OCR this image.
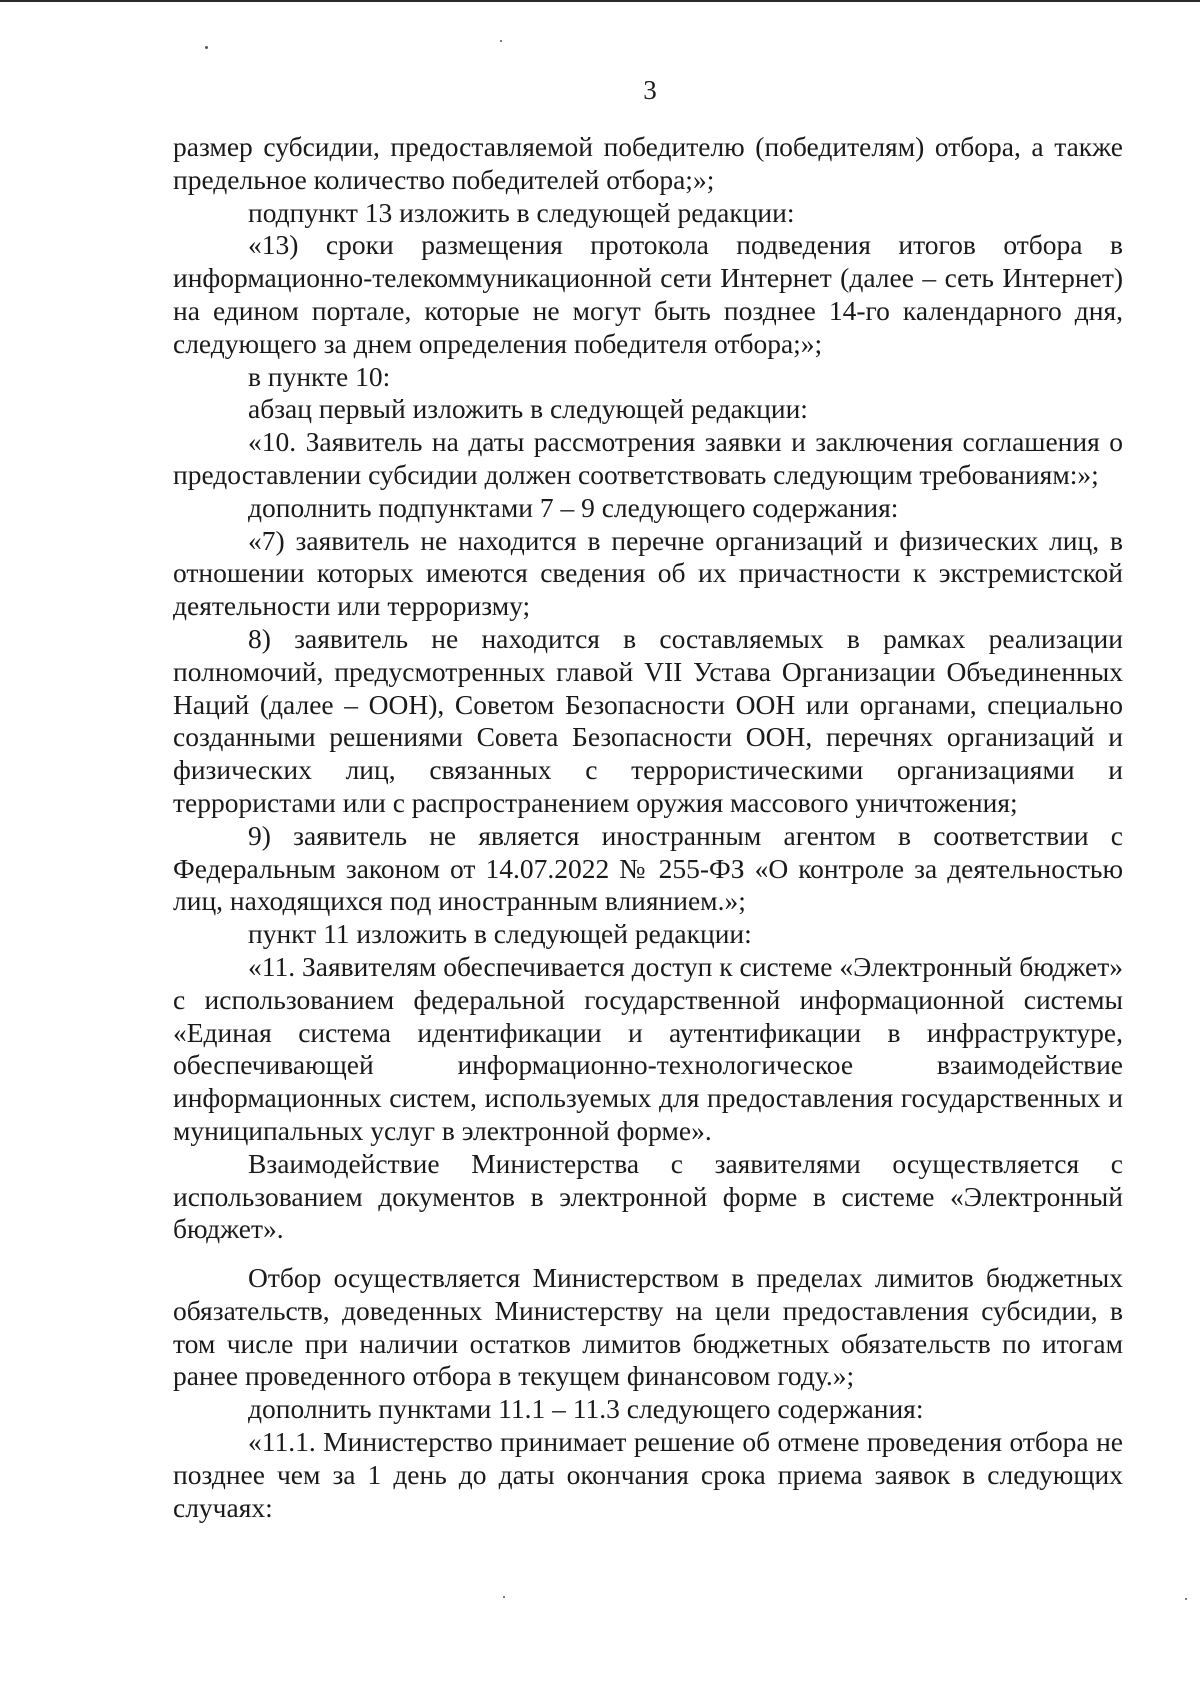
3

размер субсидии, предоставляемой победителю (победителям) отбора, а также предельное количество победителей отбора;»;

подпункт 13 изложить в следующей редакции:

«13) сроки размещения протокола подведения итогов отбора в информационно-телекоммуникационной сети Интернет (далее – сеть Интернет) на едином портале, которые не могут быть позднее 14-го календарного дня, следующего за днем определения победителя отбора;»;

в пункте 10:

абзац первый изложить в следующей редакции:

«10. Заявитель на даты рассмотрения заявки и заключения соглашения о предоставлении субсидии должен соответствовать следующим требованиям:»;

дополнить подпунктами 7 – 9 следующего содержания:

«7) заявитель не находится в перечне организаций и физических лиц, в отношении которых имеются сведения об их причастности к экстремистской деятельности или терроризму;

8) заявитель не находится в составляемых в рамках реализации полномочий, предусмотренных главой VII Устава Организации Объединенных Наций (далее – ООН), Советом Безопасности ООН или органами, специально созданными решениями Совета Безопасности ООН, перечнях организаций и физических лиц, связанных с террористическими организациями и террористами или с распространением оружия массового уничтожения;

9) заявитель не является иностранным агентом в соответствии с Федеральным законом от 14.07.2022 № 255-ФЗ «О контроле за деятельностью лиц, находящихся под иностранным влиянием.»;

пункт 11 изложить в следующей редакции:

«11. Заявителям обеспечивается доступ к системе «Электронный бюджет» с использованием федеральной государственной информационной системы «Единая система идентификации и аутентификации в инфраструктуре, обеспечивающей информационно-технологическое взаимодействие информационных систем, используемых для предоставления государственных и муниципальных услуг в электронной форме».

Взаимодействие Министерства с заявителями осуществляется с использованием документов в электронной форме в системе «Электронный бюджет».

Отбор осуществляется Министерством в пределах лимитов бюджетных обязательств, доведенных Министерству на цели предоставления субсидии, в том числе при наличии остатков лимитов бюджетных обязательств по итогам ранее проведенного отбора в текущем финансовом году.»;

дополнить пунктами 11.1 – 11.3 следующего содержания:

«11.1. Министерство принимает решение об отмене проведения отбора не позднее чем за 1 день до даты окончания срока приема заявок в следующих случаях:
